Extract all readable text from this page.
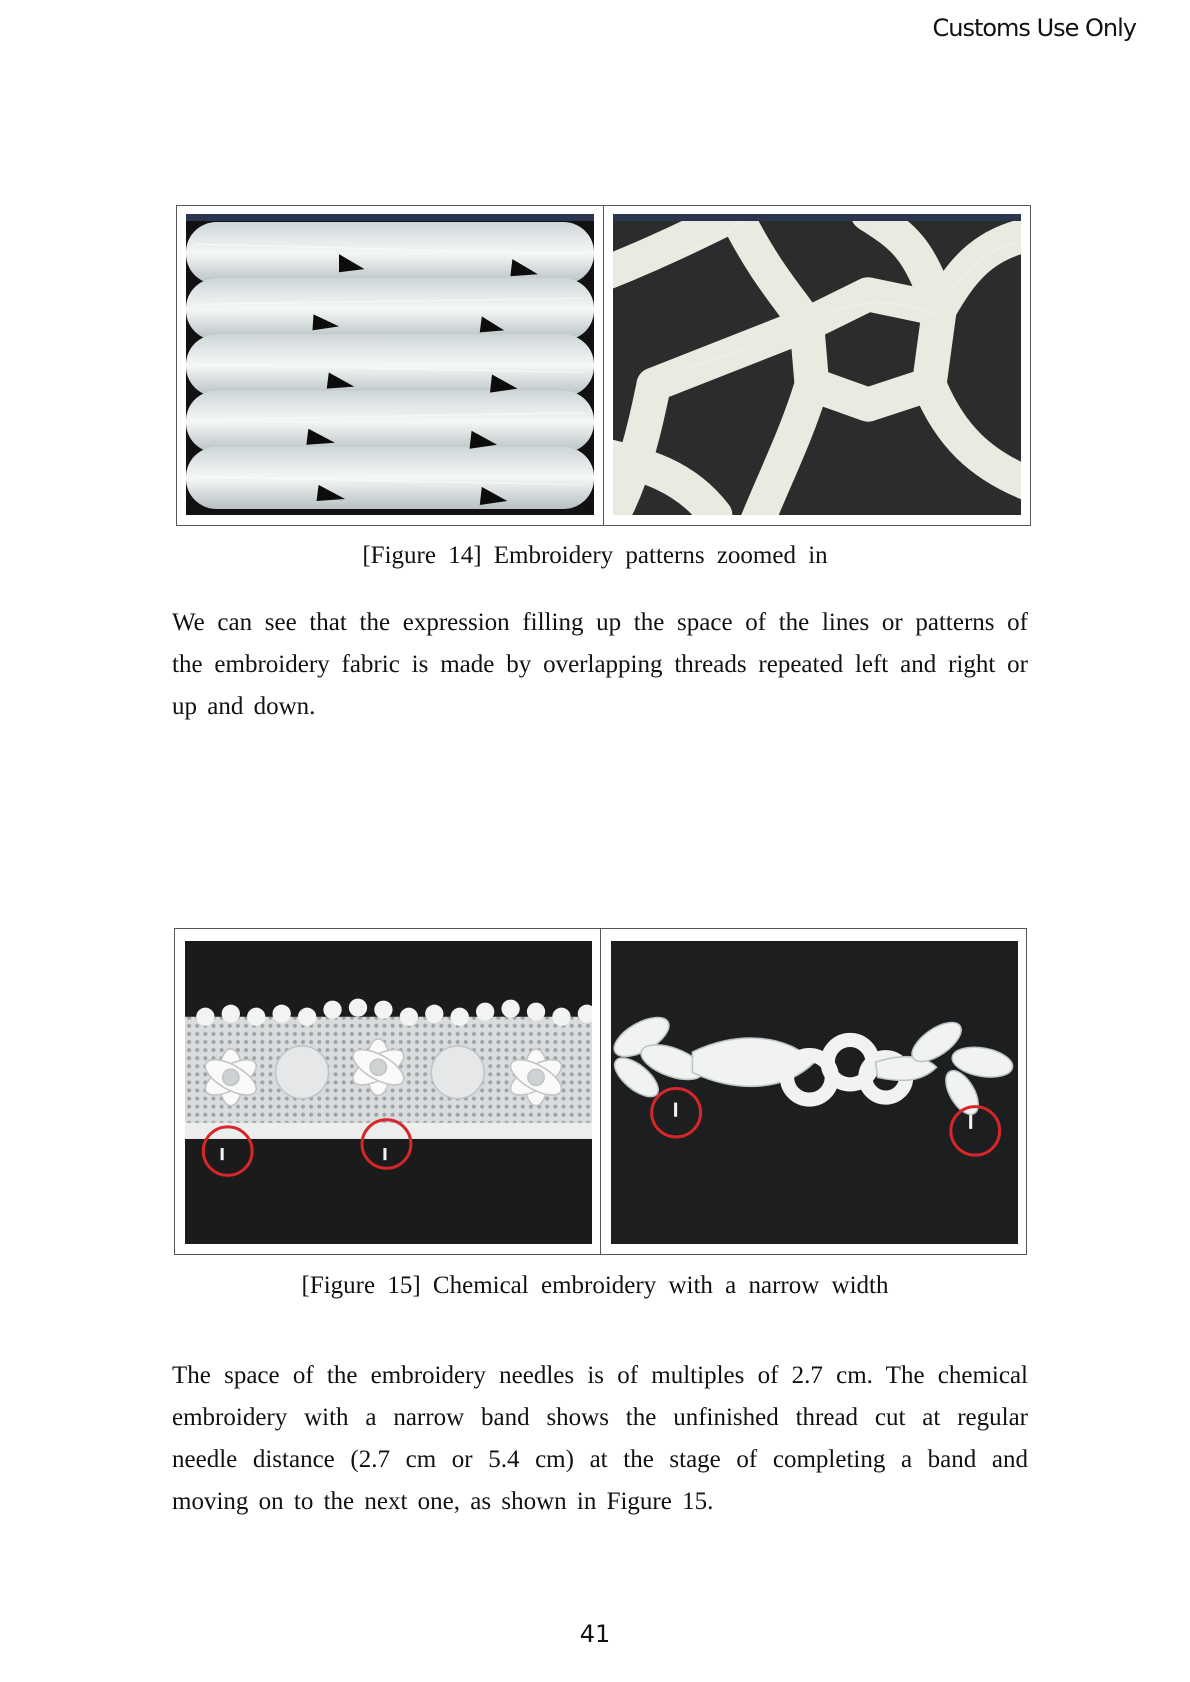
Customs Use Only
[Figure 14] Embroidery patterns zoomed in
We can see that the expression filling up the space of the lines or patterns of the embroidery fabric is made by overlapping threads repeated left and right or up and down.
[Figure 15] Chemical embroidery with a narrow width
The space of the embroidery needles is of multiples of 2.7 cm. The chemical embroidery with a narrow band shows the unfinished thread cut at regular needle distance (2.7 cm or 5.4 cm) at the stage of completing a band and moving on to the next one, as shown in Figure 15.
41
